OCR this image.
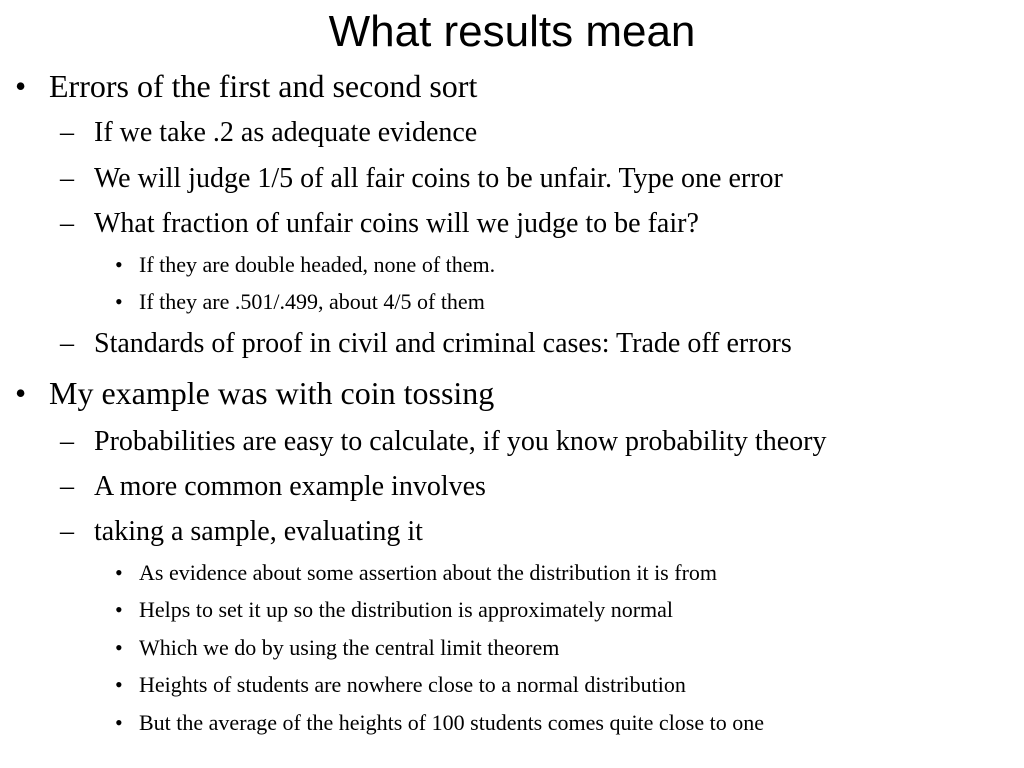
What results mean
• Errors of the first and second sort
– If we take .2 as adequate evidence
– We will judge 1/5 of all fair coins to be unfair. Type one error
– What fraction of unfair coins will we judge to be fair?
• If they are double headed, none of them.
• If they are .501/.499, about 4/5 of them
– Standards of proof in civil and criminal cases: Trade off errors
• My example was with coin tossing
– Probabilities are easy to calculate, if you know probability theory
– A more common example involves
– taking a sample, evaluating it
• As evidence about some assertion about the distribution it is from
• Helps to set it up so the distribution is approximately normal
• Which we do by using the central limit theorem
• Heights of students are nowhere close to a normal distribution
• But the average of the heights of 100 students comes quite close to one
